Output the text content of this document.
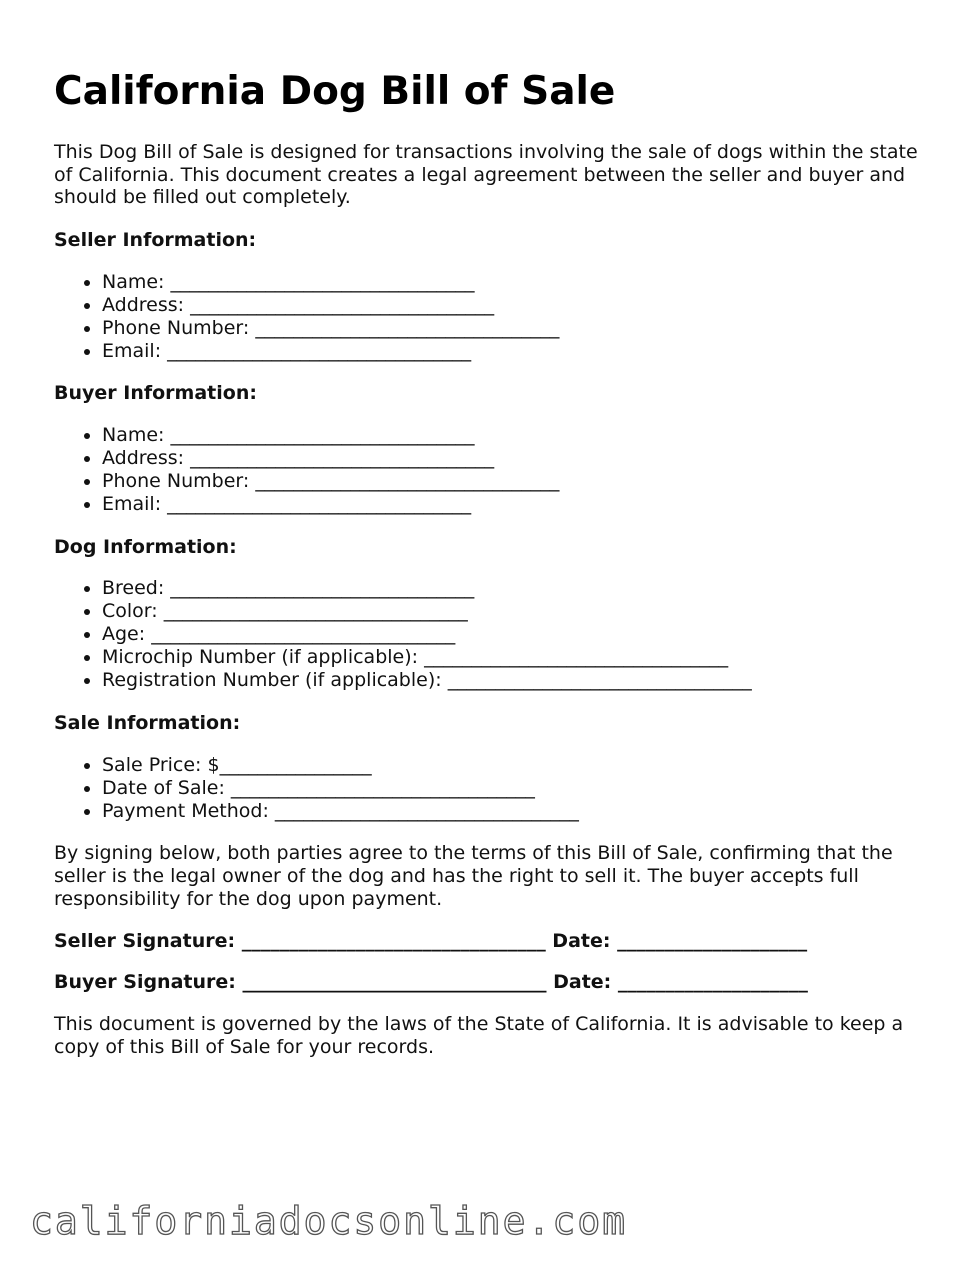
California Dog Bill of Sale

This Dog Bill of Sale is designed for transactions involving the sale of dogs within the state of California. This document creates a legal agreement between the seller and buyer and should be filled out completely.

Seller Information:

• Name: ________________________________
• Address: ________________________________
• Phone Number: ________________________________
• Email: ________________________________

Buyer Information:

• Name: ________________________________
• Address: ________________________________
• Phone Number: ________________________________
• Email: ________________________________

Dog Information:

• Breed: ________________________________
• Color: ________________________________
• Age: ________________________________
• Microchip Number (if applicable): ________________________________
• Registration Number (if applicable): ________________________________

Sale Information:

• Sale Price: $________________
• Date of Sale: ________________________________
• Payment Method: ________________________________

By signing below, both parties agree to the terms of this Bill of Sale, confirming that the seller is the legal owner of the dog and has the right to sell it. The buyer accepts full responsibility for the dog upon payment.

Seller Signature: ________________________________ Date: ____________________

Buyer Signature: ________________________________ Date: ____________________

This document is governed by the laws of the State of California. It is advisable to keep a copy of this Bill of Sale for your records.

californiadocsonline.com
